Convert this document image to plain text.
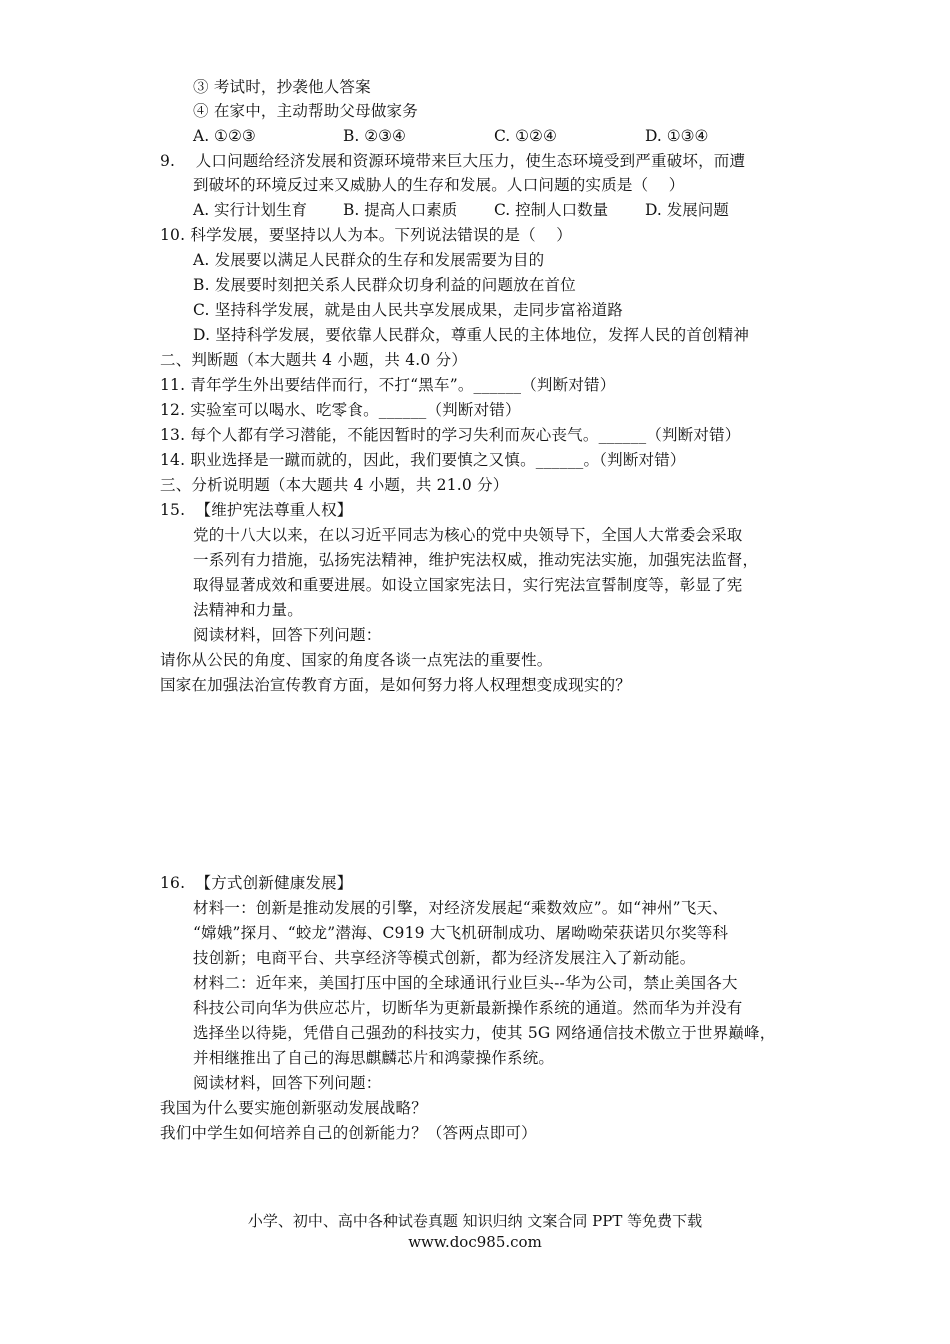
③ 考试时，抄袭他人答案
④ 在家中，主动帮助父母做家务
A. ①②③	B. ②③④	C. ①②④	D. ①③④
9.    人口问题给经济发展和资源环境带来巨大压力，使生态环境受到严重破坏，而遭
到破坏的环境反过来又威胁人的生存和发展。人口问题的实质是（    ）
A. 实行计划生育 B. 提高人口素质 C. 控制人口数量 D. 发展问题
10. 科学发展，要坚持以人为本。下列说法错误的是（    ）
A. 发展要以满足人民群众的生存和发展需要为目的
B. 发展要时刻把关系人民群众切身利益的问题放在首位
C. 坚持科学发展，就是由人民共享发展成果，走同步富裕道路
D. 坚持科学发展，要依靠人民群众，尊重人民的主体地位，发挥人民的首创精神
二、判断题（本大题共 4 小题，共 4.0 分）
11. 青年学生外出要结伴而行，不打“黑车”。______（判断对错）
12. 实验室可以喝水、吃零食。______（判断对错）
13. 每个人都有学习潜能，不能因暂时的学习失利而灰心丧气。______（判断对错）
14. 职业选择是一蹴而就的，因此，我们要慎之又慎。______。（判断对错）
三、分析说明题（本大题共 4 小题，共 21.0 分）
15.  【维护宪法尊重人权】
党的十八大以来，在以习近平同志为核心的党中央领导下，全国人大常委会采取
一系列有力措施，弘扬宪法精神，维护宪法权威，推动宪法实施，加强宪法监督，
取得显著成效和重要进展。如设立国家宪法日，实行宪法宣誓制度等，彰显了宪
法精神和力量。
阅读材料，回答下列问题：
请你从公民的角度、国家的角度各谈一点宪法的重要性。
国家在加强法治宣传教育方面，是如何努力将人权理想变成现实的？
16.  【方式创新健康发展】
材料一：创新是推动发展的引擎，对经济发展起“乘数效应”。如“神州”飞天、
“嫦娥”探月、“蛟龙”潜海、C919 大飞机研制成功、屠呦呦荣获诺贝尔奖等科
技创新；电商平台、共享经济等模式创新，都为经济发展注入了新动能。
材料二：近年来，美国打压中国的全球通讯行业巨头--华为公司，禁止美国各大
科技公司向华为供应芯片，切断华为更新最新操作系统的通道。然而华为并没有
选择坐以待毙，凭借自己强劲的科技实力，使其 5G 网络通信技术傲立于世界巅峰，
并相继推出了自己的海思麒麟芯片和鸿蒙操作系统。
阅读材料，回答下列问题：
我国为什么要实施创新驱动发展战略？
我们中学生如何培养自己的创新能力？（答两点即可）
小学、初中、高中各种试卷真题 知识归纳 文案合同 PPT 等免费下载
www.doc985.com
